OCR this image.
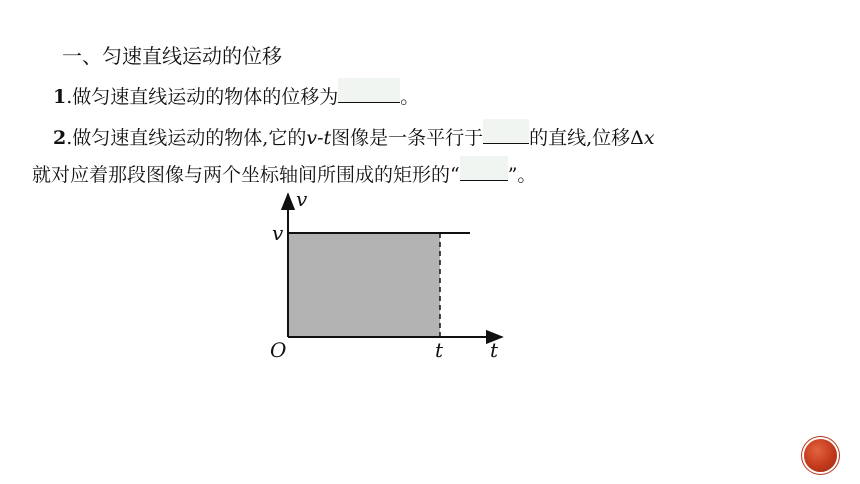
一、匀速直线运动的位移
1.做匀速直线运动的物体的位移为	。
2.做匀速直线运动的物体,它的v-t图像是一条平行于 的直线,位移Δx
就对应着那段图像与两个坐标轴间所围成的矩形的“	”。
v
v
O	t t
